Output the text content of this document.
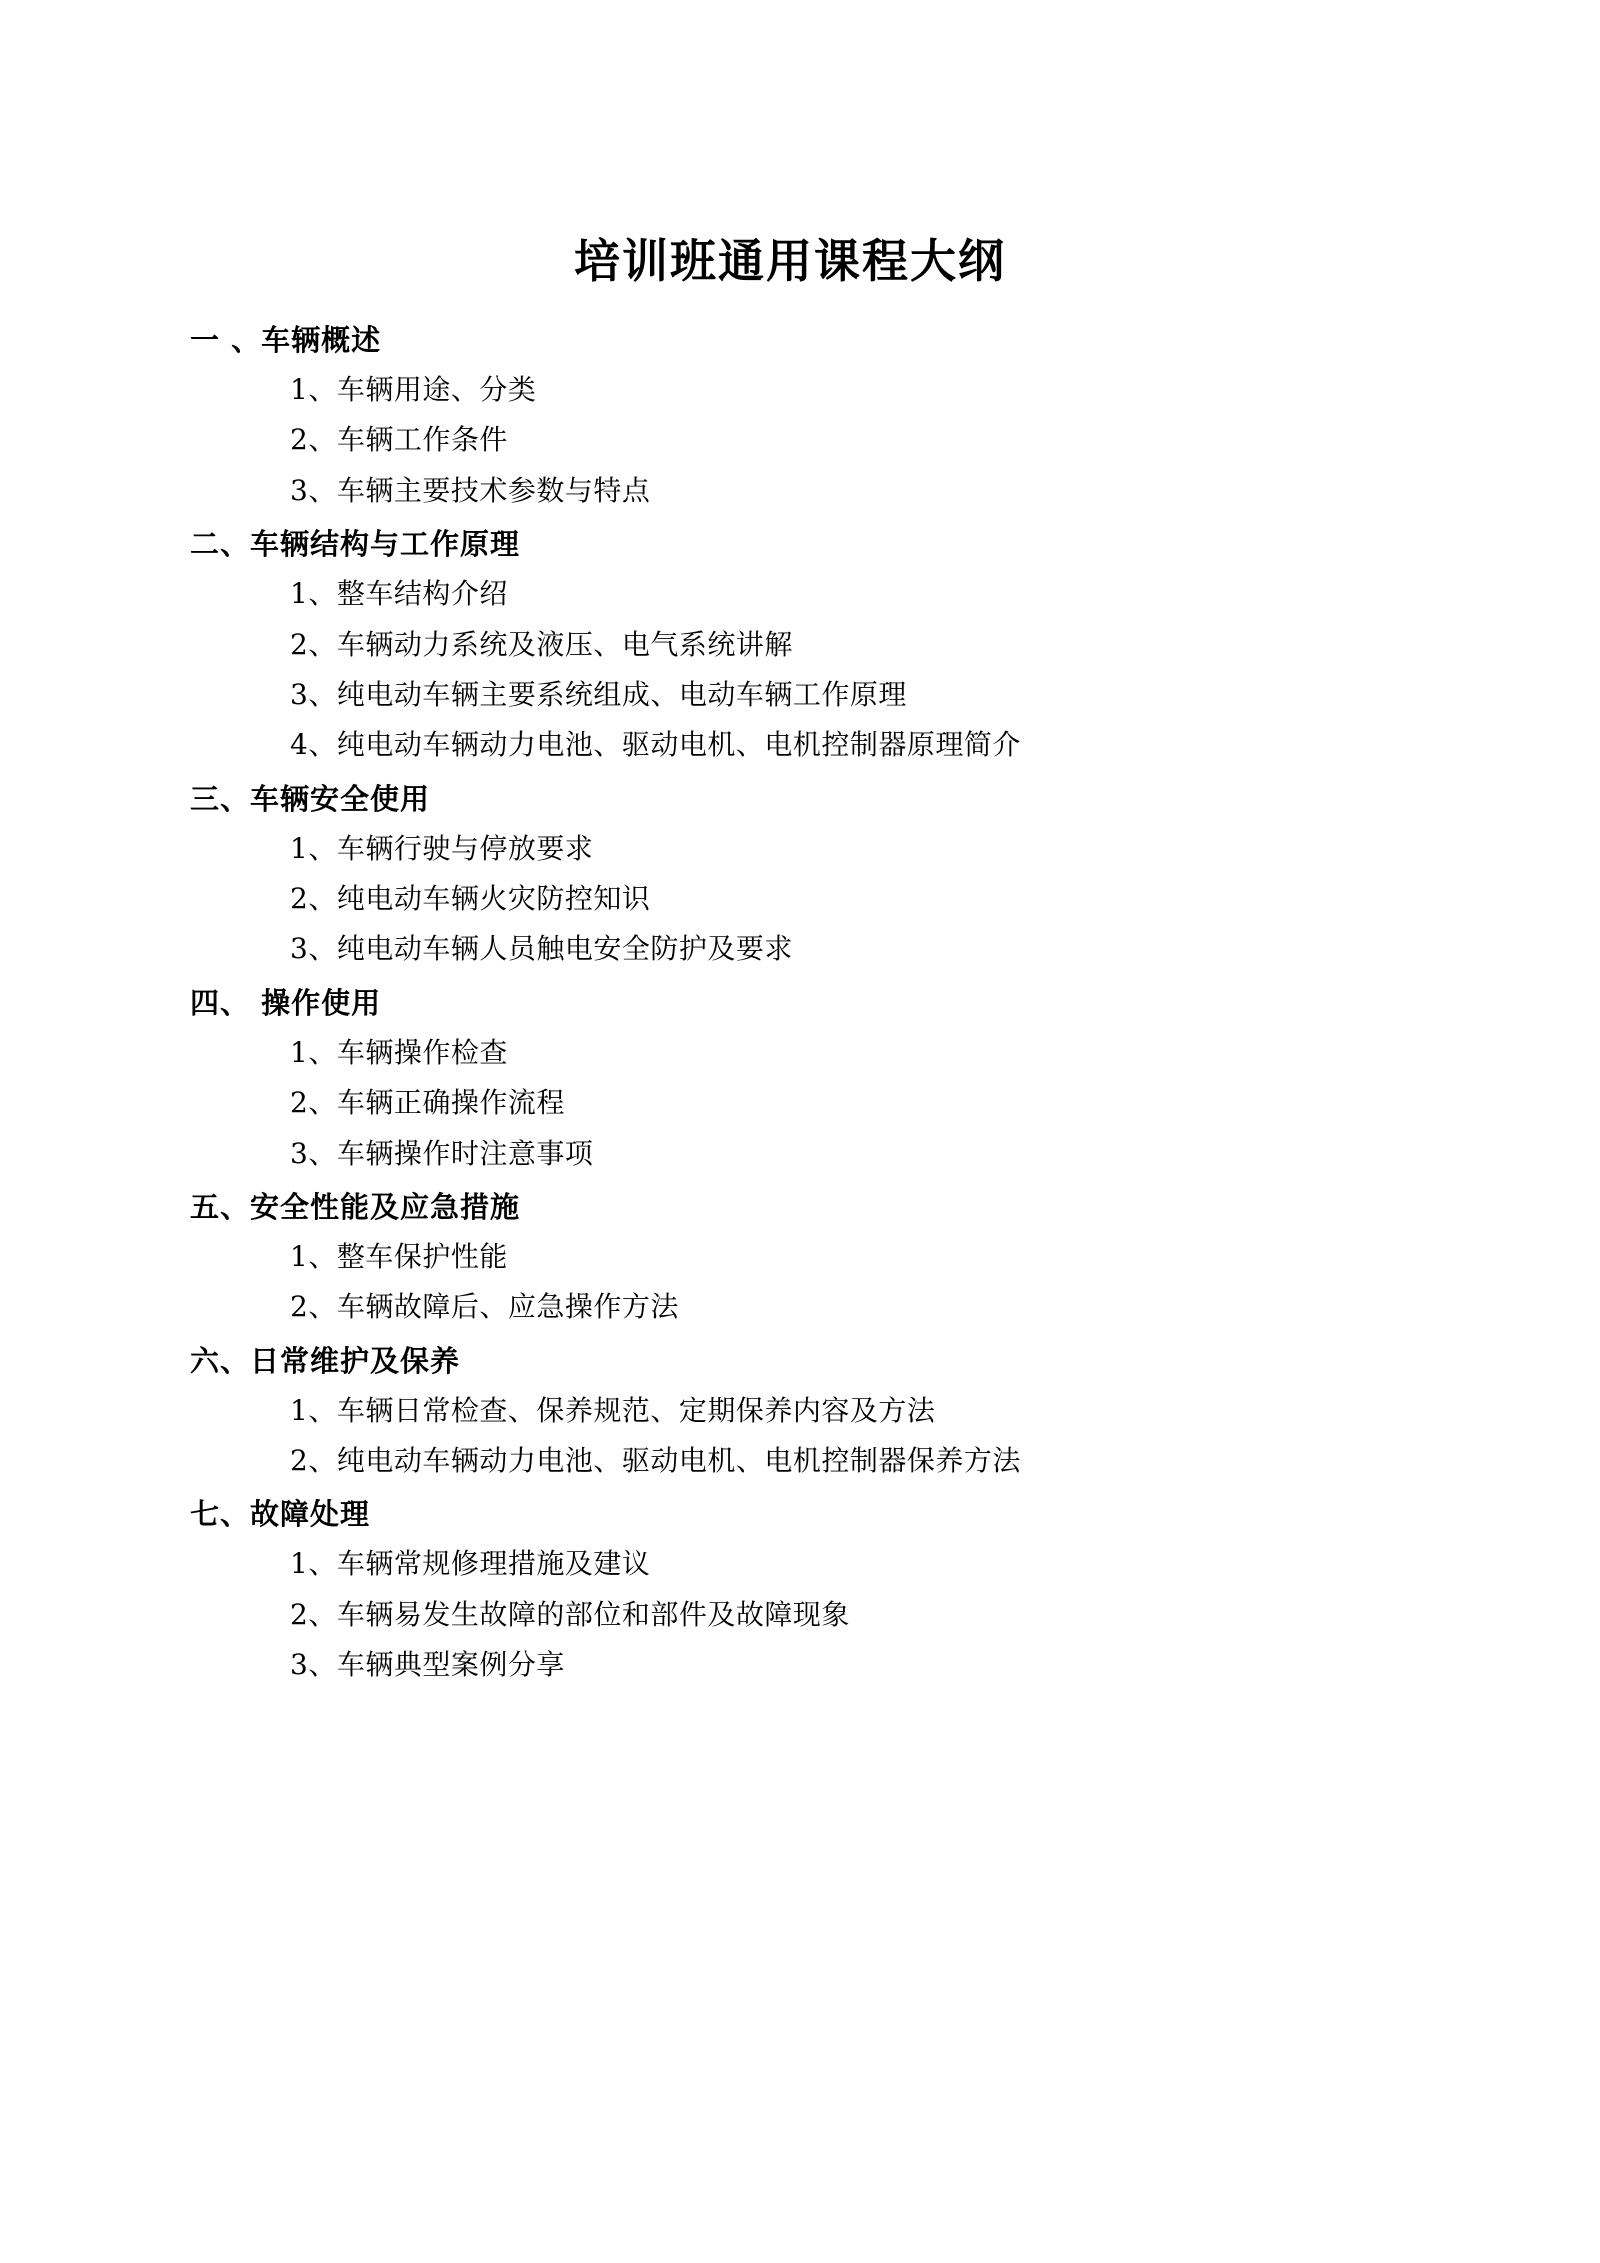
培训班通用课程大纲
一 、车辆概述
1、车辆用途、分类
2、车辆工作条件
3、车辆主要技术参数与特点
二、车辆结构与工作原理
1、整车结构介绍
2、车辆动力系统及液压、电气系统讲解
3、纯电动车辆主要系统组成、电动车辆工作原理
4、纯电动车辆动力电池、驱动电机、电机控制器原理简介
三、车辆安全使用
1、车辆行驶与停放要求
2、纯电动车辆火灾防控知识
3、纯电动车辆人员触电安全防护及要求
四、 操作使用
1、车辆操作检查
2、车辆正确操作流程
3、车辆操作时注意事项
五、安全性能及应急措施
1、整车保护性能
2、车辆故障后、应急操作方法
六、日常维护及保养
1、车辆日常检查、保养规范、定期保养内容及方法
2、纯电动车辆动力电池、驱动电机、电机控制器保养方法
七、故障处理
1、车辆常规修理措施及建议
2、车辆易发生故障的部位和部件及故障现象
3、车辆典型案例分享
